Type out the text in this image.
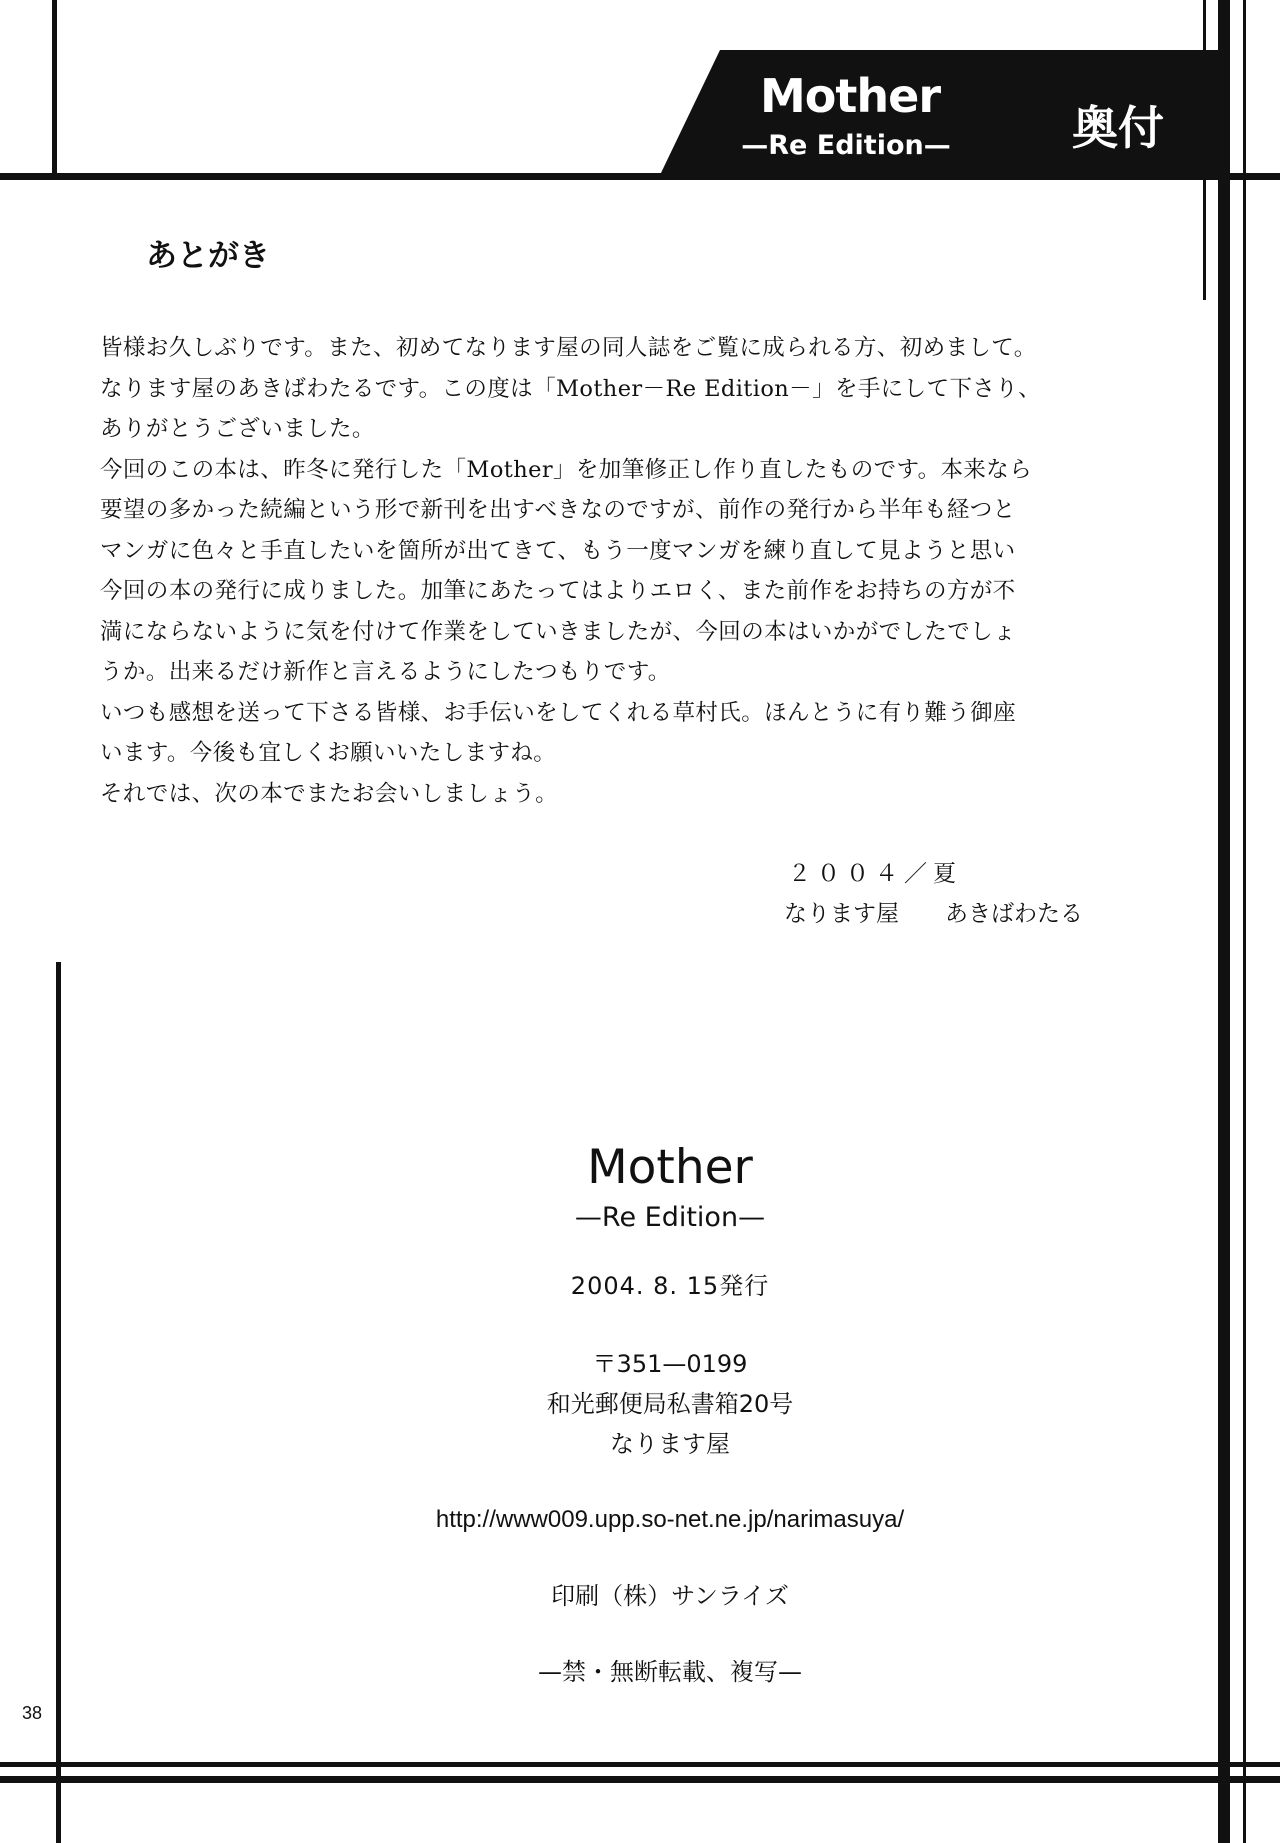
Mother
—Re Edition—	奥付
あとがき
皆様お久しぶりです。また、初めてなります屋の同人誌をご覧に成られる方、初めまして。
なります屋のあきばわたるです。この度は「Mother－Re Edition－」を手にして下さり、
ありがとうございました。
今回のこの本は、昨冬に発行した「Mother」を加筆修正し作り直したものです。本来なら
要望の多かった続編という形で新刊を出すべきなのですが、前作の発行から半年も経つと
マンガに色々と手直したいを箇所が出てきて、もう一度マンガを練り直して見ようと思い
今回の本の発行に成りました。加筆にあたってはよりエロく、また前作をお持ちの方が不
満にならないように気を付けて作業をしていきましたが、今回の本はいかがでしたでしょ
うか。出来るだけ新作と言えるようにしたつもりです。
いつも感想を送って下さる皆様、お手伝いをしてくれる草村氏。ほんとうに有り難う御座
います。今後も宜しくお願いいたしますね。
それでは、次の本でまたお会いしましょう。
２００４／夏
なります屋　　あきばわたる
Mother
—Re Edition—
2004. 8. 15発行
〒351—0199
和光郵便局私書箱20号
なります屋
http://www009.upp.so-net.ne.jp/narimasuya/
印刷（株）サンライズ
—禁・無断転載、複写—
38
